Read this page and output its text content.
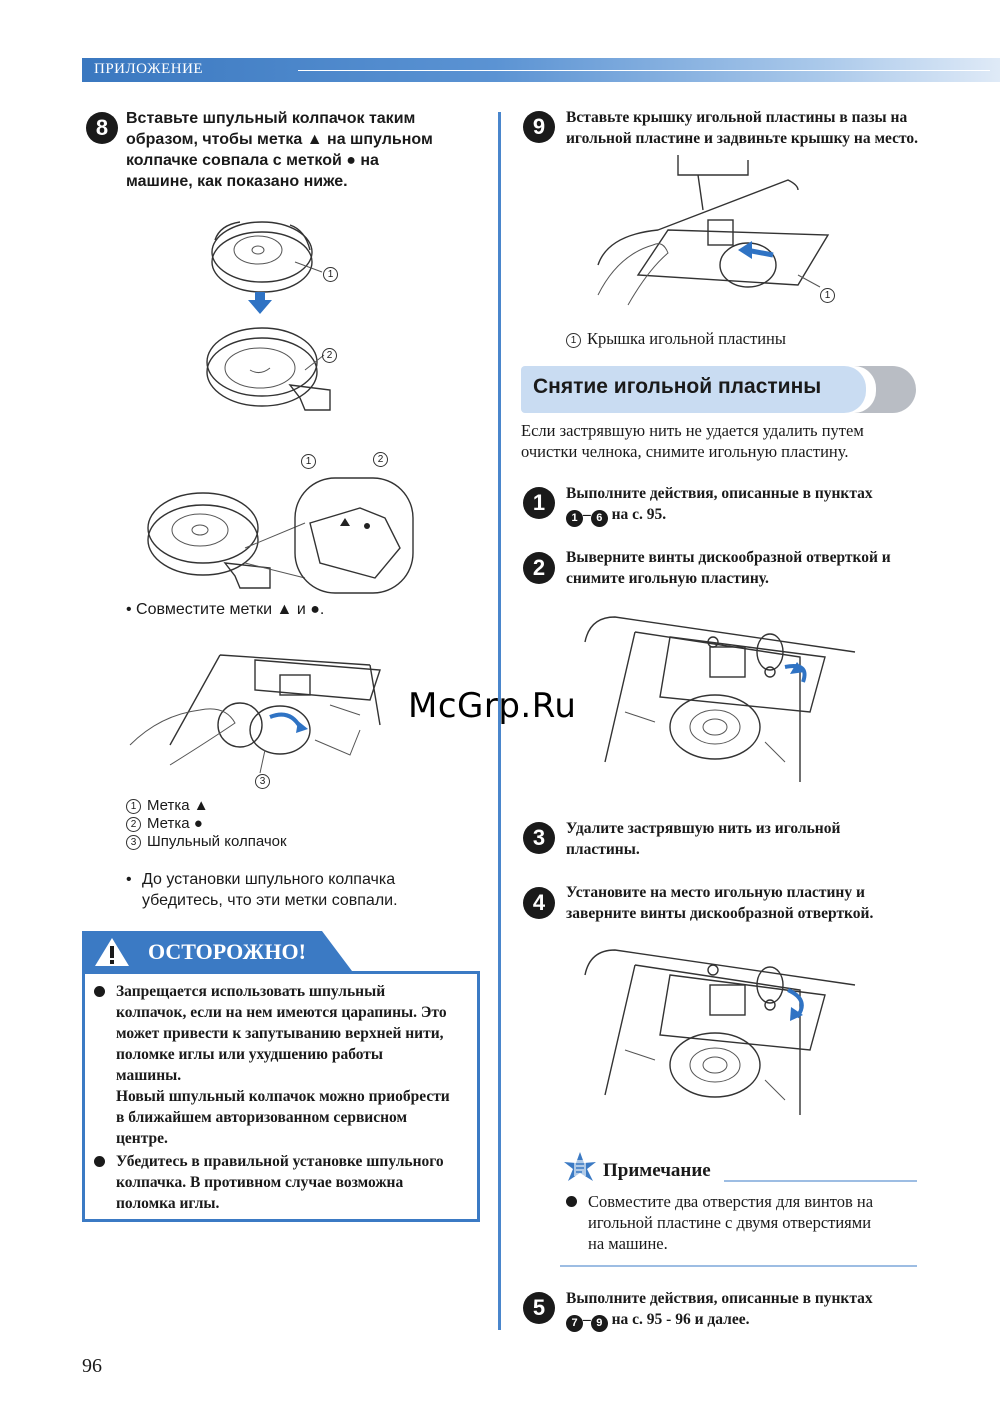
ПРИЛОЖЕНИЕ
8	Вставьте шпульный колпачок таким
образом, чтобы метка ▲ на шпульном
колпачке совпала с меткой ● на
машине, как показано ниже.
1
2
1	2
• Совместите метки ▲ и ●.
3
1 Метка ▲
2 Метка ●
3 Шпульный колпачок
• До установки шпульного колпачка
убедитесь, что эти метки совпали.
ОСТОРОЖНО!
Запрещается использовать шпульный
колпачок, если на нем имеются царапины. Это
может привести к запутыванию верхней нити,
поломке иглы или ухудшению работы
машины.
Новый шпульный колпачок можно приобрести
в ближайшем авторизованном сервисном
центре.
Убедитесь в правильной установке шпульного
колпачка. В противном случае возможна
поломка иглы.
9	Вставьте крышку игольной пластины в пазы на
игольной пластине и задвиньте крышку на место.
1
1 Крышка игольной пластины
Снятие игольной пластины
Если застрявшую нить не удается удалить путем
очистки челнока, снимите игольную пластину.
1	Выполните действия, описанные в пунктах
1 – 6 на с. 95.
2	Выверните винты дискообразной отверткой и
снимите игольную пластину.
3	Удалите застрявшую нить из игольной
пластины.
4	Установите на место игольную пластину и
заверните винты дискообразной отверткой.
Примечание
Совместите два отверстия для винтов на
игольной пластине с двумя отверстиями
на машине.
5	Выполните действия, описанные в пунктах
7 – 9 на с. 95 - 96 и далее.
McGrp.Ru
96
